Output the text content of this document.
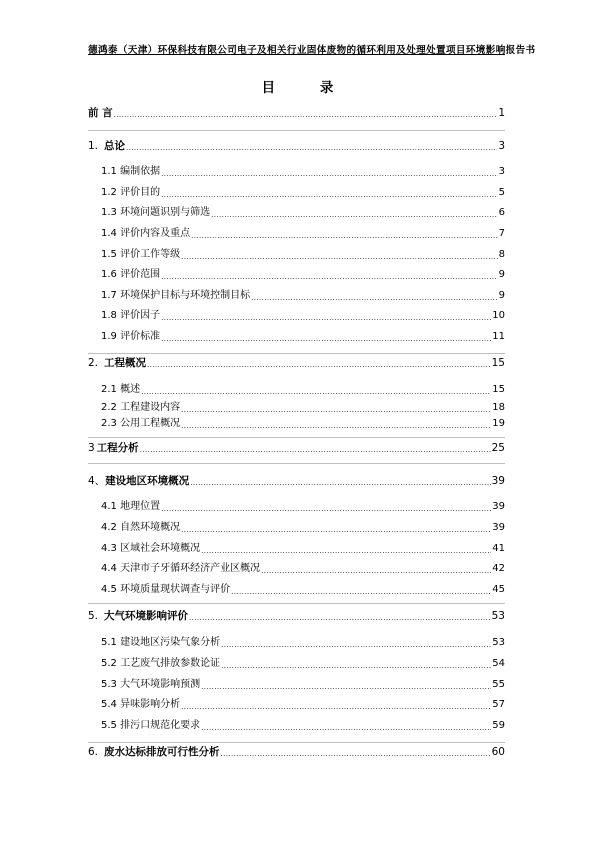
德鸿泰（天津）环保科技有限公司电子及相关行业固体废物的循环利用及处理处置项目环境影响报告书
目 录
前 言 .....	1
1. 总论 .....	3
1.1 编制依据 .....	3
1.2 评价目的 .....	5
1.3 环境问题识别与筛选 .....	6
1.4 评价内容及重点 .....	7
1.5 评价工作等级 .....	8
1.6 评价范围 .....	9
1.7 环境保护目标与环境控制目标 .....	9
1.8 评价因子 .....	10
1.9 评价标准 .....	11
2. 工程概况 .....	15
2.1 概述 .....	15
2.2 工程建设内容 .....	18
2.3 公用工程概况 .....	19
3 工程分析 .....	25
4、 建设地区环境概况 .....	39
4.1 地理位置 .....	39
4.2 自然环境概况 .....	39
4.3 区域社会环境概况 .....	41
4.4 天津市子牙循环经济产业区概况 .....	42
4.5 环境质量现状调查与评价 .....	45
5. 大气环境影响评价 .....	53
5.1 建设地区污染气象分析 .....	53
5.2 工艺废气排放参数论证 .....	54
5.3 大气环境影响预测 .....	55
5.4 异味影响分析 .....	57
5.5 排污口规范化要求 .....	59
6. 废水达标排放可行性分析 .....	60
